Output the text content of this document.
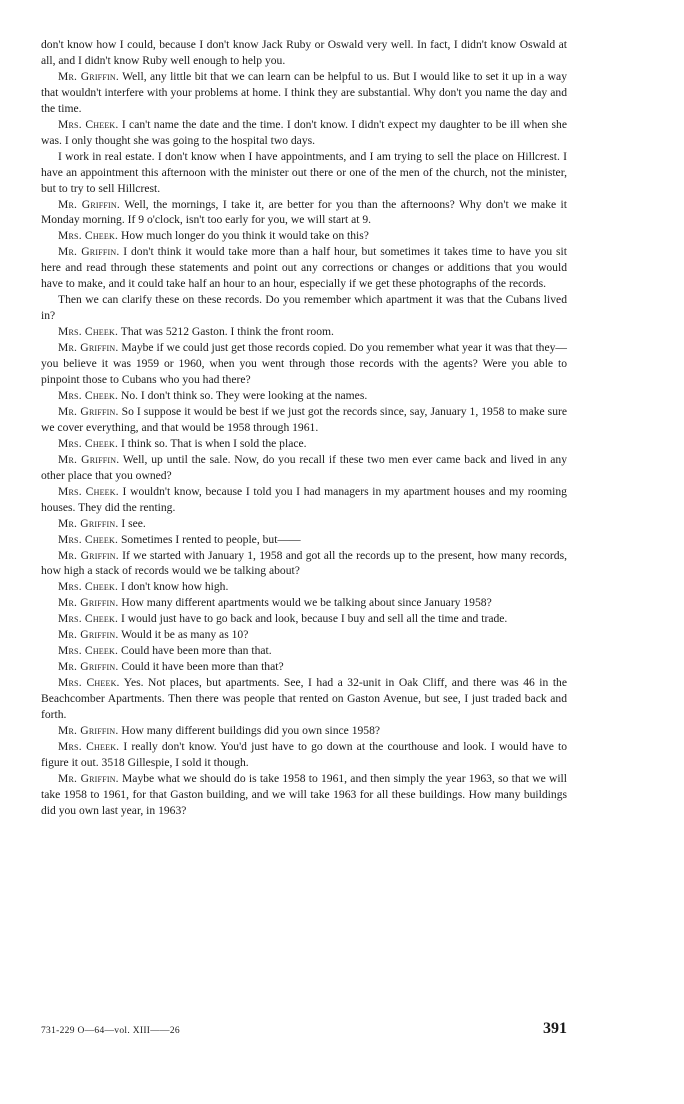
don't know how I could, because I don't know Jack Ruby or Oswald very well. In fact, I didn't know Oswald at all, and I didn't know Ruby well enough to help you.

Mr. Griffin. Well, any little bit that we can learn can be helpful to us. But I would like to set it up in a way that wouldn't interfere with your problems at home. I think they are substantial. Why don't you name the day and the time.

Mrs. Cheek. I can't name the date and the time. I don't know. I didn't expect my daughter to be ill when she was. I only thought she was going to the hospital two days.

I work in real estate. I don't know when I have appointments, and I am trying to sell the place on Hillcrest. I have an appointment this afternoon with the minister out there or one of the men of the church, not the minister, but to try to sell Hillcrest.

Mr. Griffin. Well, the mornings, I take it, are better for you than the afternoons? Why don't we make it Monday morning. If 9 o'clock, isn't too early for you, we will start at 9.

Mrs. Cheek. How much longer do you think it would take on this?

Mr. Griffin. I don't think it would take more than a half hour, but sometimes it takes time to have you sit here and read through these statements and point out any corrections or changes or additions that you would have to make, and it could take half an hour to an hour, especially if we get these photographs of the records.

Then we can clarify these on these records. Do you remember which apartment it was that the Cubans lived in?

Mrs. Cheek. That was 5212 Gaston. I think the front room.

Mr. Griffin. Maybe if we could just get those records copied. Do you remember what year it was that they—you believe it was 1959 or 1960, when you went through those records with the agents? Were you able to pinpoint those to Cubans who you had there?

Mrs. Cheek. No. I don't think so. They were looking at the names.

Mr. Griffin. So I suppose it would be best if we just got the records since, say, January 1, 1958 to make sure we cover everything, and that would be 1958 through 1961.

Mrs. Cheek. I think so. That is when I sold the place.

Mr. Griffin. Well, up until the sale. Now, do you recall if these two men ever came back and lived in any other place that you owned?

Mrs. Cheek. I wouldn't know, because I told you I had managers in my apartment houses and my rooming houses. They did the renting.

Mr. Griffin. I see.

Mrs. Cheek. Sometimes I rented to people, but——

Mr. Griffin. If we started with January 1, 1958 and got all the records up to the present, how many records, how high a stack of records would we be talking about?

Mrs. Cheek. I don't know how high.

Mr. Griffin. How many different apartments would we be talking about since January 1958?

Mrs. Cheek. I would just have to go back and look, because I buy and sell all the time and trade.

Mr. Griffin. Would it be as many as 10?

Mrs. Cheek. Could have been more than that.

Mr. Griffin. Could it have been more than that?

Mrs. Cheek. Yes. Not places, but apartments. See, I had a 32-unit in Oak Cliff, and there was 46 in the Beachcomber Apartments. Then there was people that rented on Gaston Avenue, but see, I just traded back and forth.

Mr. Griffin. How many different buildings did you own since 1958?

Mrs. Cheek. I really don't know. You'd just have to go down at the courthouse and look. I would have to figure it out. 3518 Gillespie, I sold it though.

Mr. Griffin. Maybe what we should do is take 1958 to 1961, and then simply the year 1963, so that we will take 1958 to 1961, for that Gaston building, and we will take 1963 for all these buildings. How many buildings did you own last year, in 1963?

731-229 O—64—vol. XIII——26	391
